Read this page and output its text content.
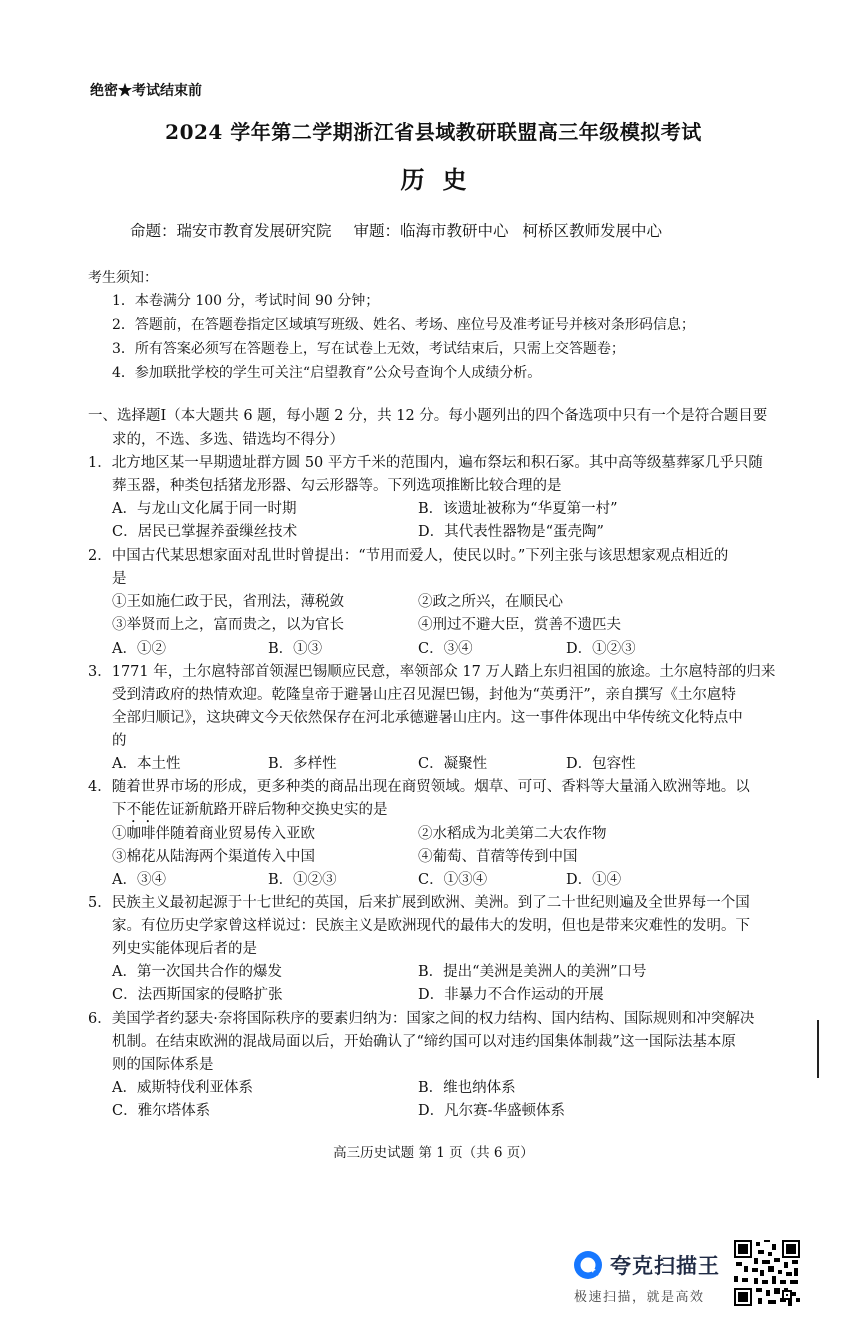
绝密★考试结束前
2024 学年第二学期浙江省县域教研联盟高三年级模拟考试
历史
命题：瑞安市教育发展研究院 审题：临海市教研中心 柯桥区教师发展中心
考生须知：
1．本卷满分 100 分，考试时间 90 分钟；
2．答题前，在答题卷指定区域填写班级、姓名、考场、座位号及准考证号并核对条形码信息；
3．所有答案必须写在答题卷上，写在试卷上无效，考试结束后，只需上交答题卷；
4．参加联批学校的学生可关注“启望教育”公众号查询个人成绩分析。
一、选择题Ⅰ（本大题共 6 题，每小题 2 分，共 12 分。每小题列出的四个备选项中只有一个是符合题目要
求的，不选、多选、错选均不得分）
1．北方地区某一早期遗址群方圆 50 平方千米的范围内，遍布祭坛和积石冢。其中高等级墓葬冢几乎只随
葬玉器，种类包括猪龙形器、勾云形器等。下列选项推断比较合理的是
A．与龙山文化属于同一时期	B．该遗址被称为“华夏第一村”
C．居民已掌握养蚕缫丝技术	D．其代表性器物是“蛋壳陶”
2．中国古代某思想家面对乱世时曾提出：“节用而爱人，使民以时。”下列主张与该思想家观点相近的
是
①王如施仁政于民，省刑法，薄税敛	②政之所兴，在顺民心
③举贤而上之，富而贵之，以为官长	④刑过不避大臣，赏善不遗匹夫
A．①②	B．①③	C．③④	D．①②③
3．1771 年，土尔扈特部首领渥巴锡顺应民意，率领部众 17 万人踏上东归祖国的旅途。土尔扈特部的归来
受到清政府的热情欢迎。乾隆皇帝于避暑山庄召见渥巴锡，封他为“英勇汗”，亲自撰写《土尔扈特
全部归顺记》，这块碑文今天依然保存在河北承德避暑山庄内。这一事件体现出中华传统文化特点中
的
A．本土性	B．多样性	C．凝聚性	D．包容性
4．随着世界市场的形成，更多种类的商品出现在商贸领域。烟草、可可、香料等大量涌入欧洲等地。以
下不能佐证新航路开辟后物种交换史实的是
①咖啡伴随着商业贸易传入亚欧	②水稻成为北美第二大农作物
③棉花从陆海两个渠道传入中国	④葡萄、苜蓿等传到中国
A．③④	B．①②③	C．①③④	D．①④
5．民族主义最初起源于十七世纪的英国，后来扩展到欧洲、美洲。到了二十世纪则遍及全世界每一个国
家。有位历史学家曾这样说过：民族主义是欧洲现代的最伟大的发明，但也是带来灾难性的发明。下
列史实能体现后者的是
A．第一次国共合作的爆发	B．提出“美洲是美洲人的美洲”口号
C．法西斯国家的侵略扩张	D．非暴力不合作运动的开展
6．美国学者约瑟夫·奈将国际秩序的要素归纳为：国家之间的权力结构、国内结构、国际规则和冲突解决
机制。在结束欧洲的混战局面以后，开始确认了“缔约国可以对违约国集体制裁”这一国际法基本原
则的国际体系是
A．威斯特伐利亚体系	B．维也纳体系
C．雅尔塔体系	D．凡尔赛-华盛顿体系
高三历史试题 第 1 页（共 6 页）
夸克扫描王
极速扫描，就是高效
